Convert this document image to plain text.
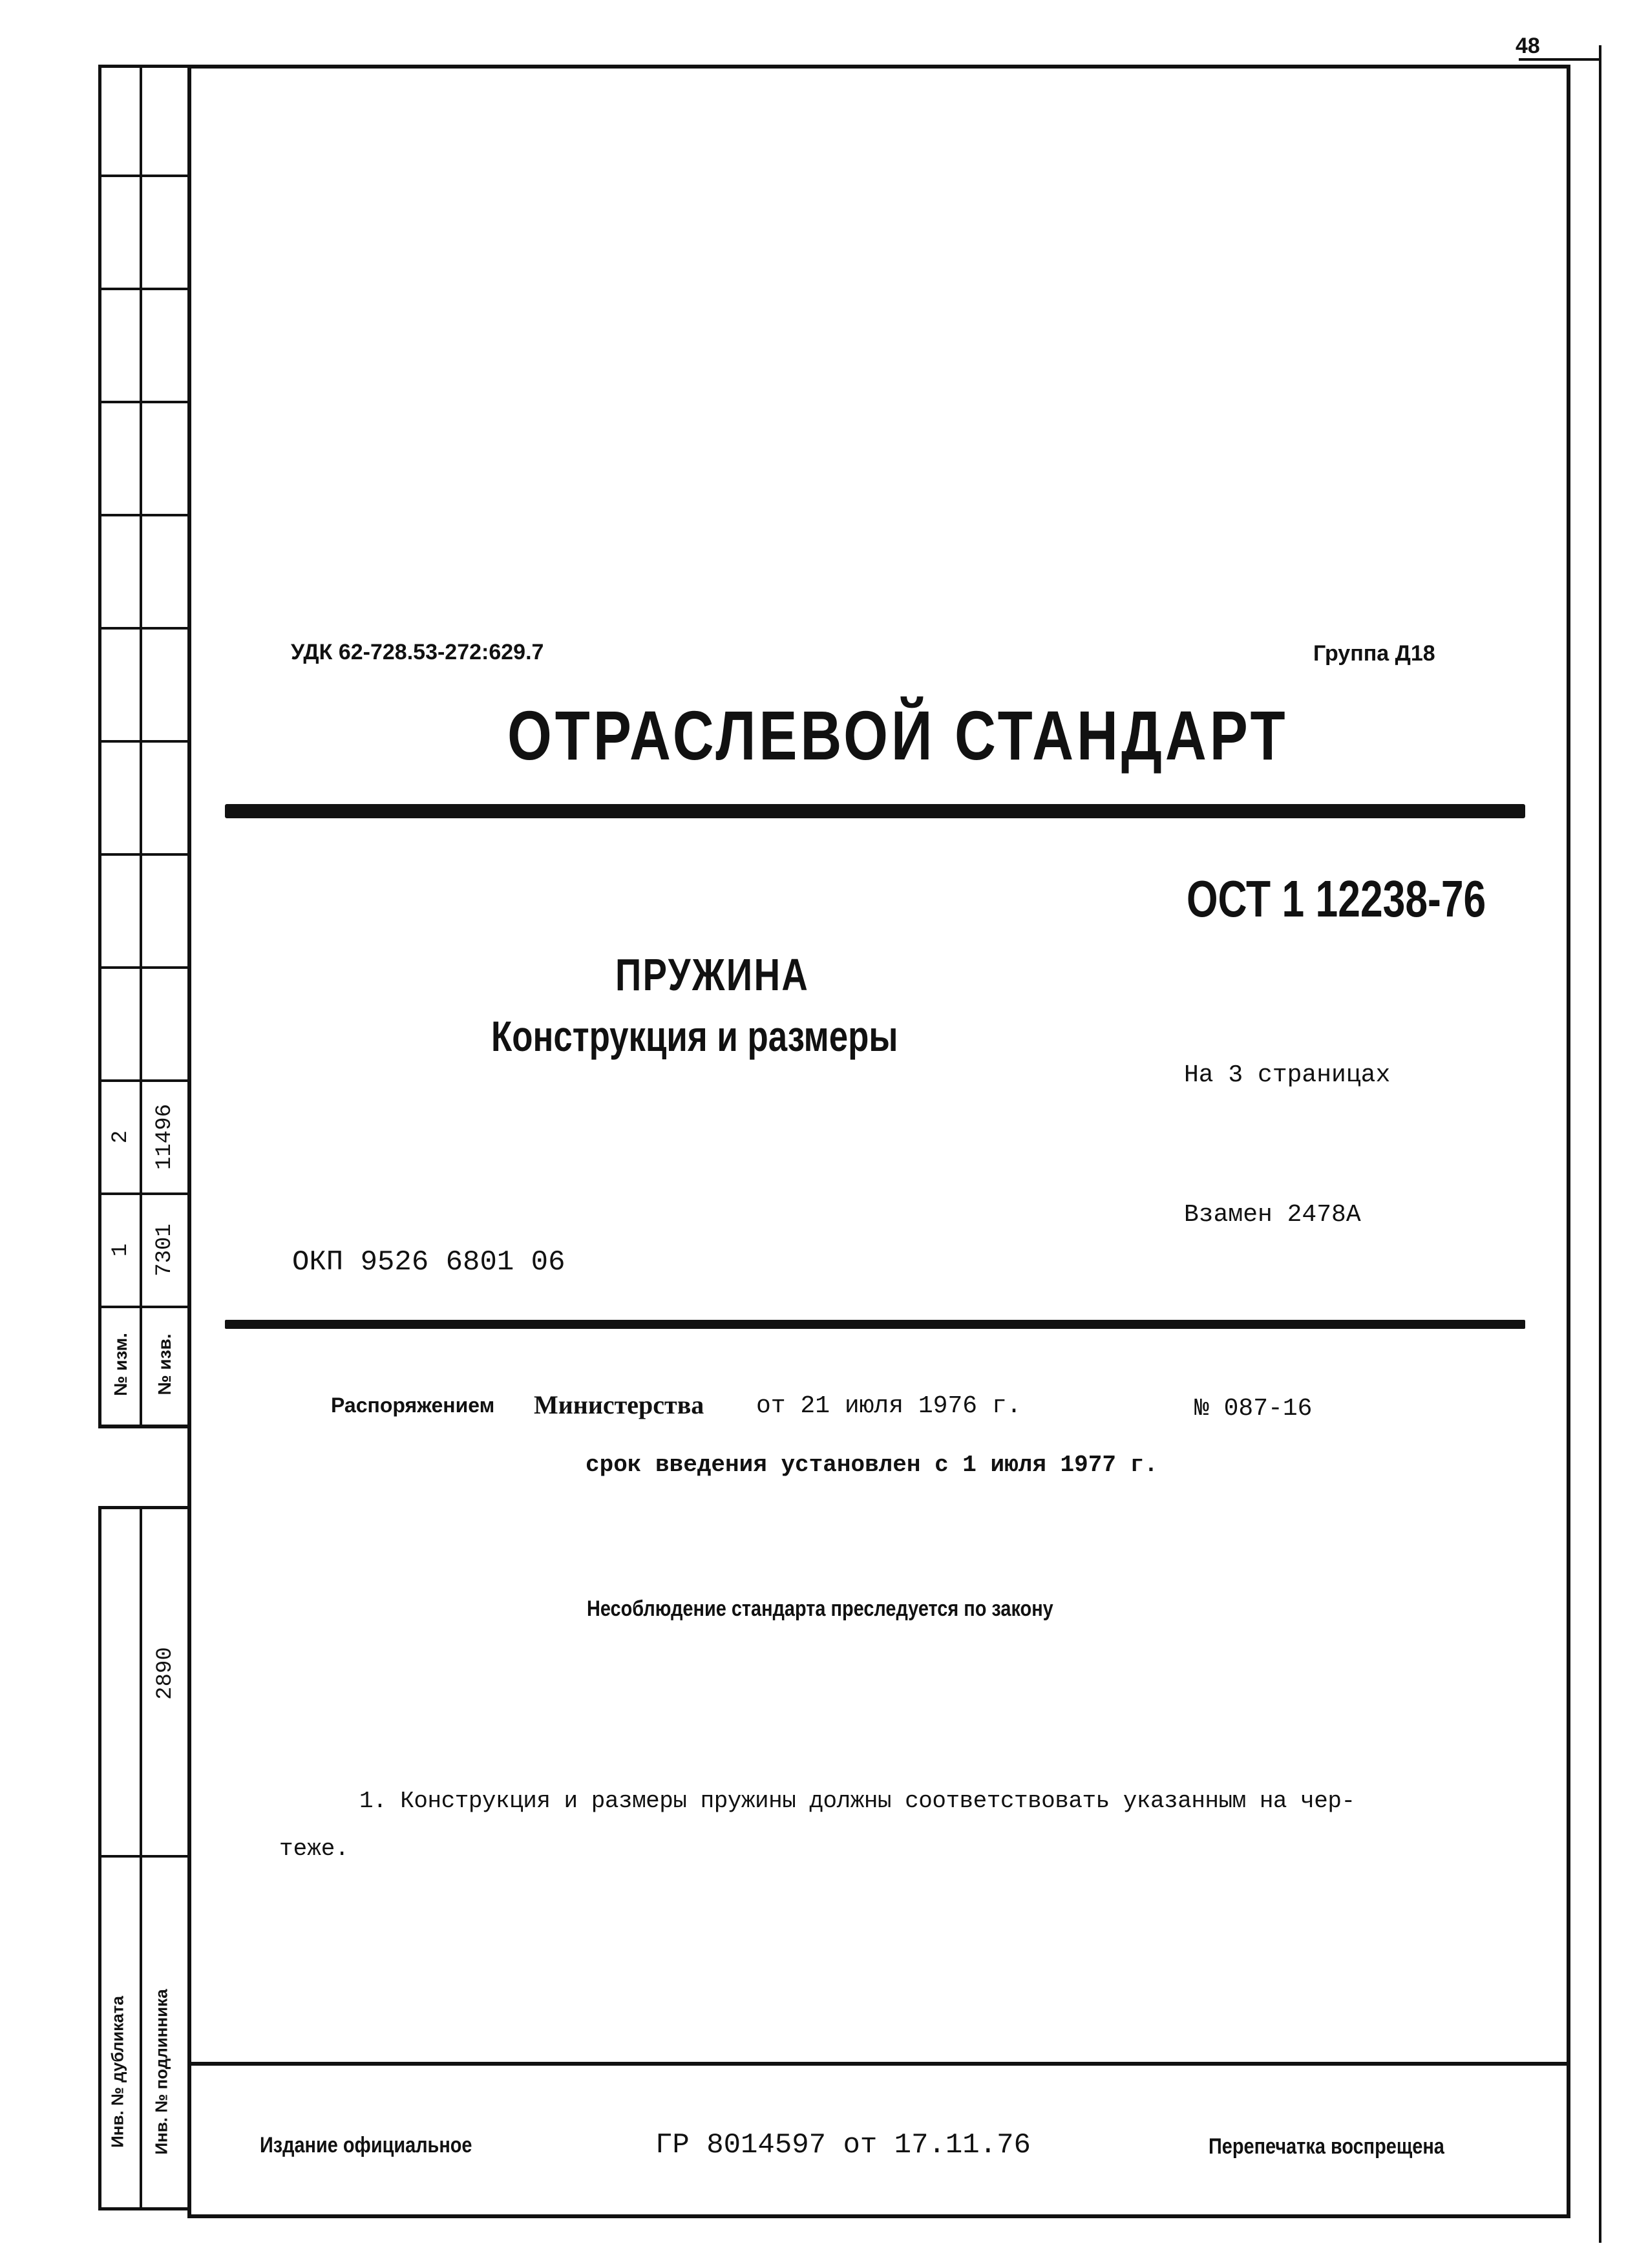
48
2 11496
1 7301
№ изм. № изв.
2890
Инв. № дубликата Инв. № подлинника
УДК 62-728.53-272:629.7	Группа Д18
ОТРАСЛЕВОЙ СТАНДАРТ
ОСТ 1 12238-76
ПРУЖИНА
Конструкция и размеры
На 3 страницах
Взамен 2478А
ОКП 9526 6801 06
Распоряжением Министерства от 21 июля 1976 г.	№ 087-16
срок введения установлен с 1 июля 1977 г.
Несоблюдение стандарта преследуется по закону
1. Конструкция и размеры пружины должны соответствовать указанным на чер-
теже.
Издание официальное	ГР 8014597 от 17.11.76	Перепечатка воспрещена
